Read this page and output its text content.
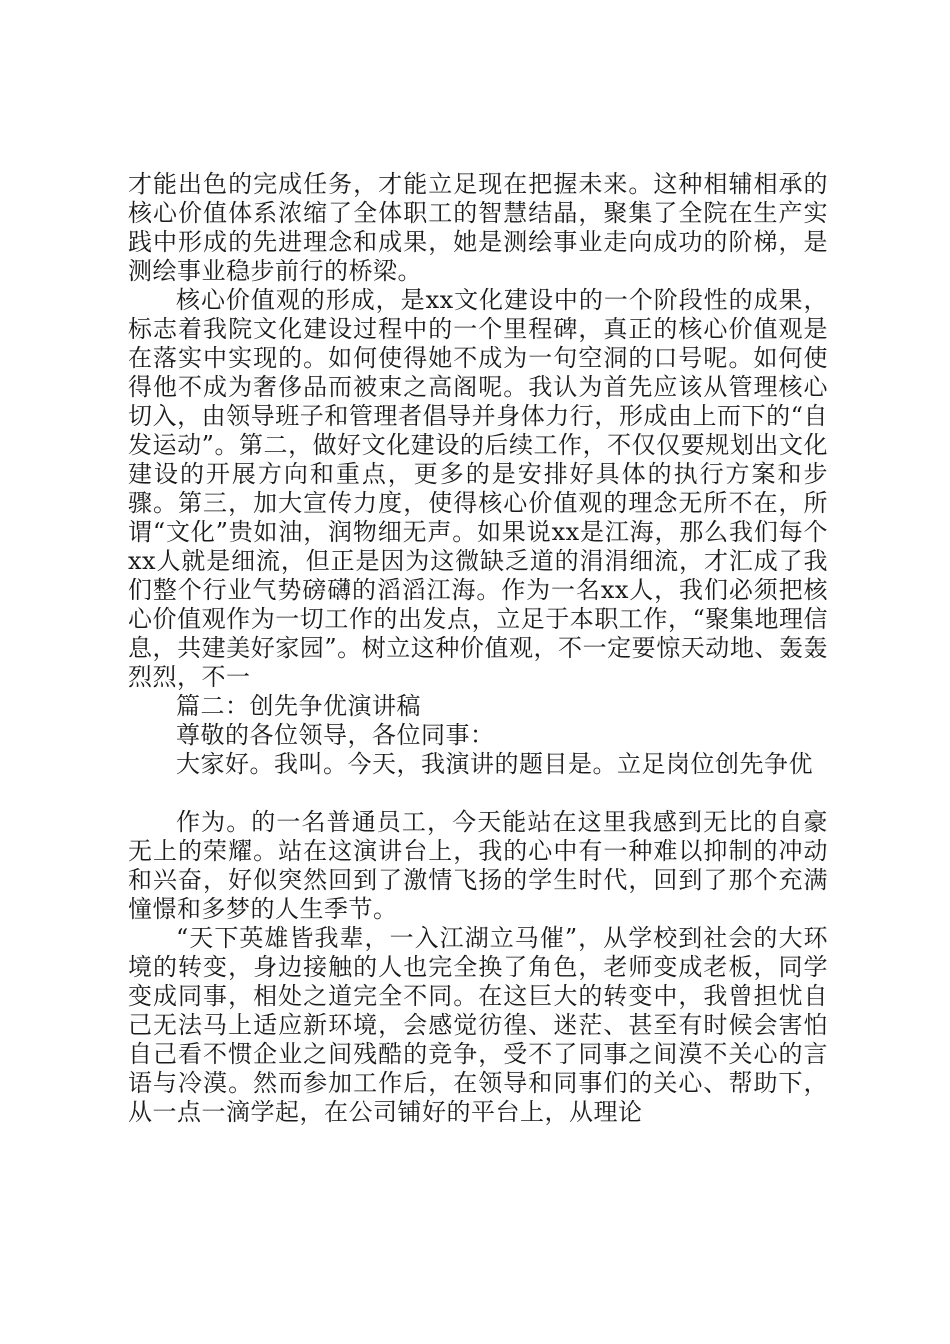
才能出色的完成任务，才能立足现在把握未来。这种相辅相承的核心价值体系浓缩了全体职工的智慧结晶，聚集了全院在生产实践中形成的先进理念和成果，她是测绘事业走向成功的阶梯，是测绘事业稳步前行的桥梁。

核心价值观的形成，是xx文化建设中的一个阶段性的成果，标志着我院文化建设过程中的一个里程碑，真正的核心价值观是在落实中实现的。如何使得她不成为一句空洞的口号呢。如何使得他不成为奢侈品而被束之高阁呢。我认为首先应该从管理核心切入，由领导班子和管理者倡导并身体力行，形成由上而下的“自发运动”。第二，做好文化建设的后续工作，不仅仅要规划出文化建设的开展方向和重点，更多的是安排好具体的执行方案和步骤。第三，加大宣传力度，使得核心价值观的理念无所不在，所谓“文化”贵如油，润物细无声。如果说xx是江海，那么我们每个xx人就是细流，但正是因为这微缺乏道的涓涓细流，才汇成了我们整个行业气势磅礴的滔滔江海。作为一名xx人，我们必须把核心价值观作为一切工作的出发点，立足于本职工作，“聚集地理信息，共建美好家园”。树立这种价值观，不一定要惊天动地、轰轰烈烈，不一

篇二：创先争优演讲稿

尊敬的各位领导，各位同事：

大家好。我叫。今天，我演讲的题目是。立足岗位创先争优

作为。的一名普通员工，今天能站在这里我感到无比的自豪无上的荣耀。站在这演讲台上，我的心中有一种难以抑制的冲动和兴奋，好似突然回到了激情飞扬的学生时代，回到了那个充满憧憬和多梦的人生季节。

“天下英雄皆我辈，一入江湖立马催”，从学校到社会的大环境的转变，身边接触的人也完全换了角色，老师变成老板，同学变成同事，相处之道完全不同。在这巨大的转变中，我曾担忧自己无法马上适应新环境，会感觉彷徨、迷茫、甚至有时候会害怕自己看不惯企业之间残酷的竞争，受不了同事之间漠不关心的言语与冷漠。然而参加工作后，在领导和同事们的关心、帮助下，从一点一滴学起，在公司铺好的平台上，从理论
